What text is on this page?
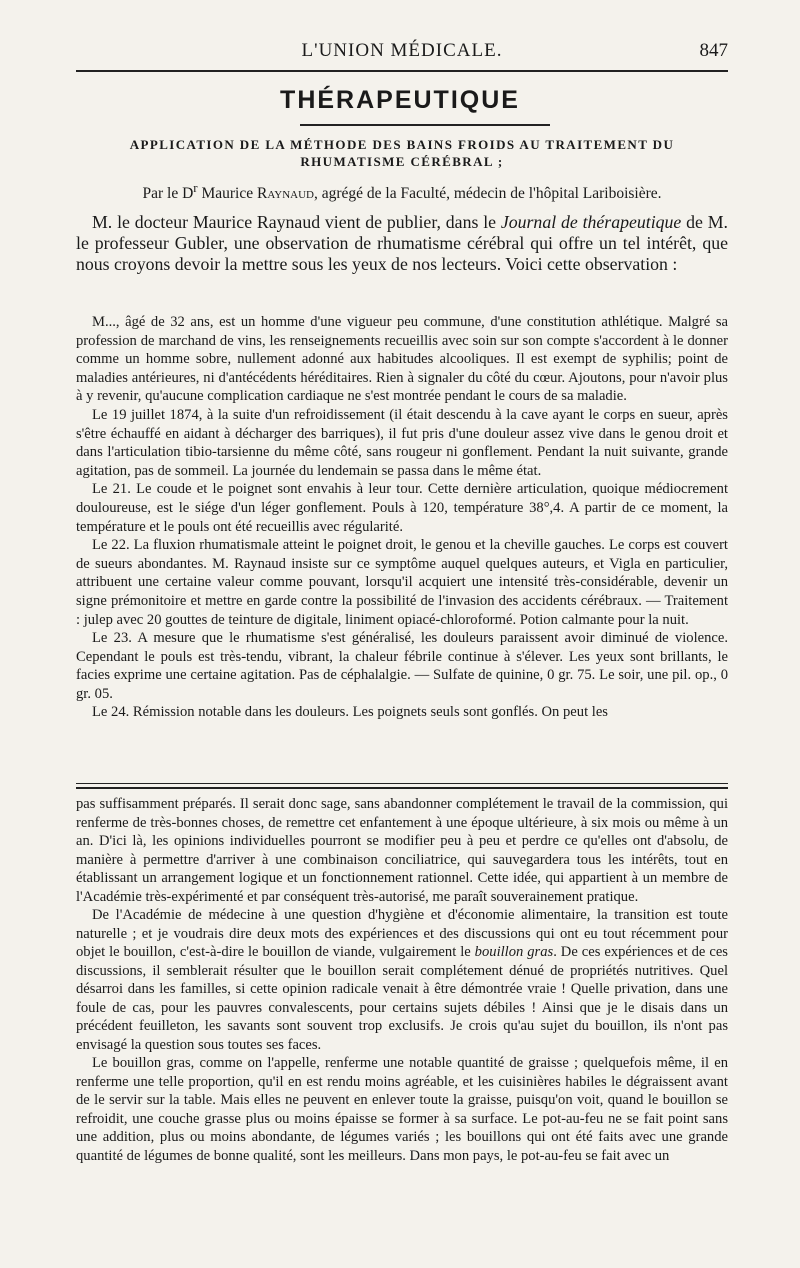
L'UNION MÉDICALE.	847
THÉRAPEUTIQUE
APPLICATION DE LA MÉTHODE DES BAINS FROIDS AU TRAITEMENT DU RHUMATISME CÉRÉBRAL ;
Par le $D^r$ Maurice Raynaud, agrégé de la Faculté, médecin de l'hôpital Lariboisière.
M. le docteur Maurice Raynaud vient de publier, dans le Journal de thérapeutique de M. le professeur Gubler, une observation de rhumatisme cérébral qui offre un tel intérêt, que nous croyons devoir la mettre sous les yeux de nos lecteurs. Voici cette observation :

M..., âgé de 32 ans, est un homme d'une vigueur peu commune, d'une constitution athlétique. Malgré sa profession de marchand de vins, les renseignements recueillis avec soin sur son compte s'accordent à le donner comme un homme sobre, nullement adonné aux habitudes alcooliques. Il est exempt de syphilis; point de maladies antérieures, ni d'antécédents héréditaires. Rien à signaler du côté du cœur. Ajoutons, pour n'avoir plus à y revenir, qu'aucune complication cardiaque ne s'est montrée pendant le cours de sa maladie.

Le 19 juillet 1874, à la suite d'un refroidissement (il était descendu à la cave ayant le corps en sueur, après s'être échauffé en aidant à décharger des barriques), il fut pris d'une douleur assez vive dans le genou droit et dans l'articulation tibio-tarsienne du même côté, sans rougeur ni gonflement. Pendant la nuit suivante, grande agitation, pas de sommeil. La journée du lendemain se passa dans le même état.

Le 21. Le coude et le poignet sont envahis à leur tour. Cette dernière articulation, quoique médiocrement douloureuse, est le siége d'un léger gonflement. Pouls à 120, température 38°,4. A partir de ce moment, la température et le pouls ont été recueillis avec régularité.

Le 22. La fluxion rhumatismale atteint le poignet droit, le genou et la cheville gauches. Le corps est couvert de sueurs abondantes. M. Raynaud insiste sur ce symptôme auquel quelques auteurs, et Vigla en particulier, attribuent une certaine valeur comme pouvant, lorsqu'il acquiert une intensité très-considérable, devenir un signe prémonitoire et mettre en garde contre la possibilité de l'invasion des accidents cérébraux. — Traitement : julep avec 20 gouttes de teinture de digitale, liniment opiacé-chloroformé. Potion calmante pour la nuit.

Le 23. A mesure que le rhumatisme s'est généralisé, les douleurs paraissent avoir diminué de violence. Cependant le pouls est très-tendu, vibrant, la chaleur fébrile continue à s'élever. Les yeux sont brillants, le facies exprime une certaine agitation. Pas de céphalalgie. — Sulfate de quinine, 0 gr. 75. Le soir, une pil. op., 0 gr. 05.

Le 24. Rémission notable dans les douleurs. Les poignets seuls sont gonflés. On peut les

pas suffisamment préparés. Il serait donc sage, sans abandonner complétement le travail de la commission, qui renferme de très-bonnes choses, de remettre cet enfantement à une époque ultérieure, à six mois ou même à un an. D'ici là, les opinions individuelles pourront se modifier peu à peu et perdre ce qu'elles ont d'absolu, de manière à permettre d'arriver à une combinaison conciliatrice, qui sauvegardera tous les intérêts, tout en établissant un arrangement logique et un fonctionnement rationnel. Cette idée, qui appartient à un membre de l'Académie très-expérimenté et par conséquent très-autorisé, me paraît souverainement pratique.

De l'Académie de médecine à une question d'hygiène et d'économie alimentaire, la transition est toute naturelle ; et je voudrais dire deux mots des expériences et des discussions qui ont eu tout récemment pour objet le bouillon, c'est-à-dire le bouillon de viande, vulgairement le bouillon gras. De ces expériences et de ces discussions, il semblerait résulter que le bouillon serait complétement dénué de propriétés nutritives. Quel désarroi dans les familles, si cette opinion radicale venait à être démontrée vraie ! Quelle privation, dans une foule de cas, pour les pauvres convalescents, pour certains sujets débiles ! Ainsi que je le disais dans un précédent feuilleton, les savants sont souvent trop exclusifs. Je crois qu'au sujet du bouillon, ils n'ont pas envisagé la question sous toutes ses faces.

Le bouillon gras, comme on l'appelle, renferme une notable quantité de graisse ; quelquefois même, il en renferme une telle proportion, qu'il en est rendu moins agréable, et les cuisinières habiles le dégraissent avant de le servir sur la table. Mais elles ne peuvent en enlever toute la graisse, puisqu'on voit, quand le bouillon se refroidit, une couche grasse plus ou moins épaisse se former à sa surface. Le pot-au-feu ne se fait point sans une addition, plus ou moins abondante, de légumes variés ; les bouillons qui ont été faits avec une grande quantité de légumes de bonne qualité, sont les meilleurs. Dans mon pays, le pot-au-feu se fait avec un
